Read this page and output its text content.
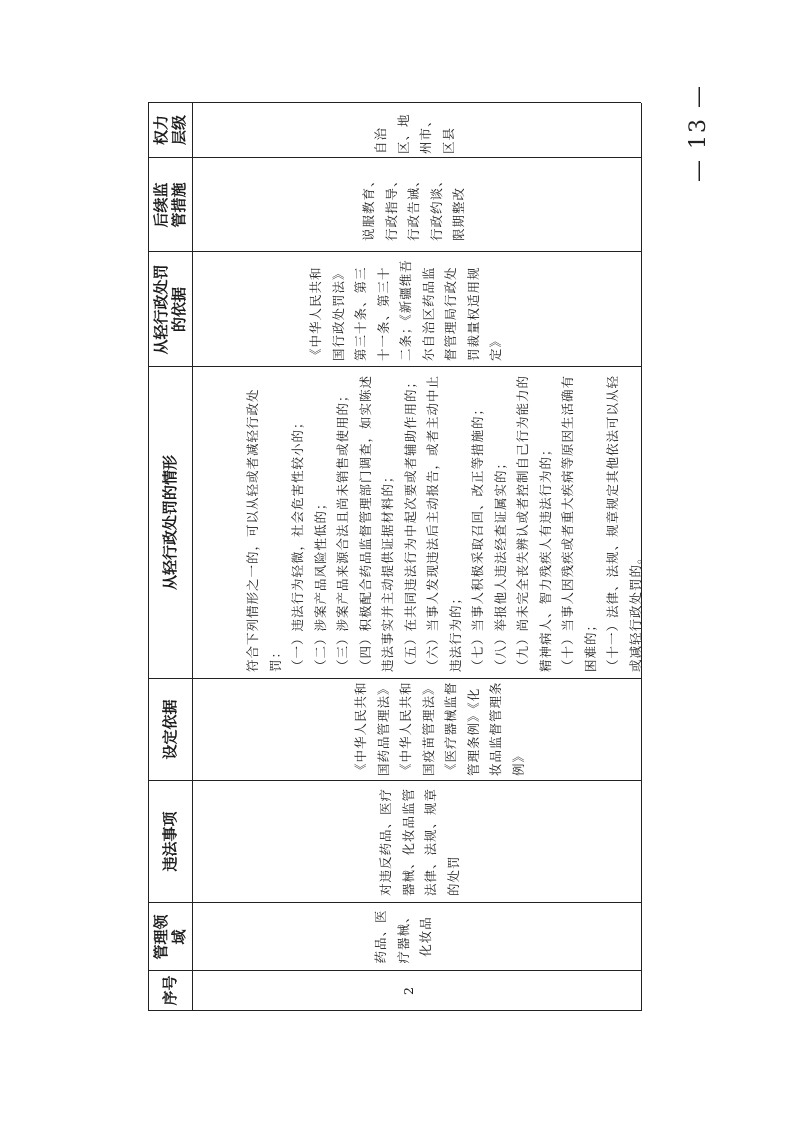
序号
管理领域
违法事项
设定依据
从轻行政处罚的情形
从轻行政处罚的依据
后续监管措施
权力层级
2
药品、医疗器械、化妆品
对违反药品、医疗器械、化妆品监管法律、法规、规章的处罚
《中华人民共和国药品管理法》《中华人民共和国疫苗管理法》《医疗器械监督管理条例》《化妆品监督管理条例》
符合下列情形之一的，可以从轻或者减轻行政处罚： （一）违法行为轻微，社会危害性较小的； （二）涉案产品风险性低的； （三）涉案产品来源合法且尚未销售或使用的； （四）积极配合药品监督管理部门调查，如实陈述违法事实并主动提供证据材料的； （五）在共同违法行为中起次要或者辅助作用的； （六）当事人发现违法后主动报告，或者主动中止违法行为的； （七）当事人积极采取召回、改正等措施的； （八）举报他人违法经查证属实的； （九）尚未完全丧失辨认或者控制自己行为能力的精神病人、智力残疾人有违法行为的； （十）当事人因残疾或者重大疾病等原因生活确有困难的； （十一）法律、法规、规章规定其他依法可以从轻或减轻行政处罚的。
《中华人民共和国行政处罚法》第三十条、第三十一条、第三十二条；《新疆维吾尔自治区药品监督管理局行政处罚裁量权适用规定》
说服教育、行政指导、行政告诫、行政约谈、限期整改
自治区、地州市、区县	— 13 —
